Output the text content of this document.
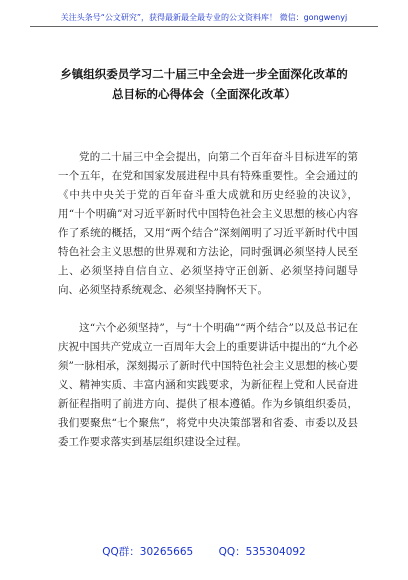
关注头条号“公文研究”，获得最新最全最专业的公文资料库！ 微信：gongwenyj
乡镇组织委员学习二十届三中全会进一步全面深化改革的
总目标的心得体会（全面深化改革）

党的二十届三中全会提出，向第二个百年奋斗目标进军的第一个五年，在党和国家发展进程中具有特殊重要性。全会通过的《中共中央关于党的百年奋斗重大成就和历史经验的决议》，用“十个明确”对习近平新时代中国特色社会主义思想的核心内容作了系统的概括，又用“两个结合”深刻阐明了习近平新时代中国特色社会主义思想的世界观和方法论，同时强调必须坚持人民至上、必须坚持自信自立、必须坚持守正创新、必须坚持问题导向、必须坚持系统观念、必须坚持胸怀天下。

这“六个必须坚持”，与“十个明确”“两个结合”以及总书记在庆祝中国共产党成立一百周年大会上的重要讲话中提出的“九个必须”一脉相承，深刻揭示了新时代中国特色社会主义思想的核心要义、精神实质、丰富内涵和实践要求，为新征程上党和人民奋进新征程指明了前进方向、提供了根本遵循。作为乡镇组织委员，我们要聚焦“七个聚焦”，将党中央决策部署和省委、市委以及县委工作要求落实到基层组织建设全过程。

QQ群：30265665 QQ：535304092
